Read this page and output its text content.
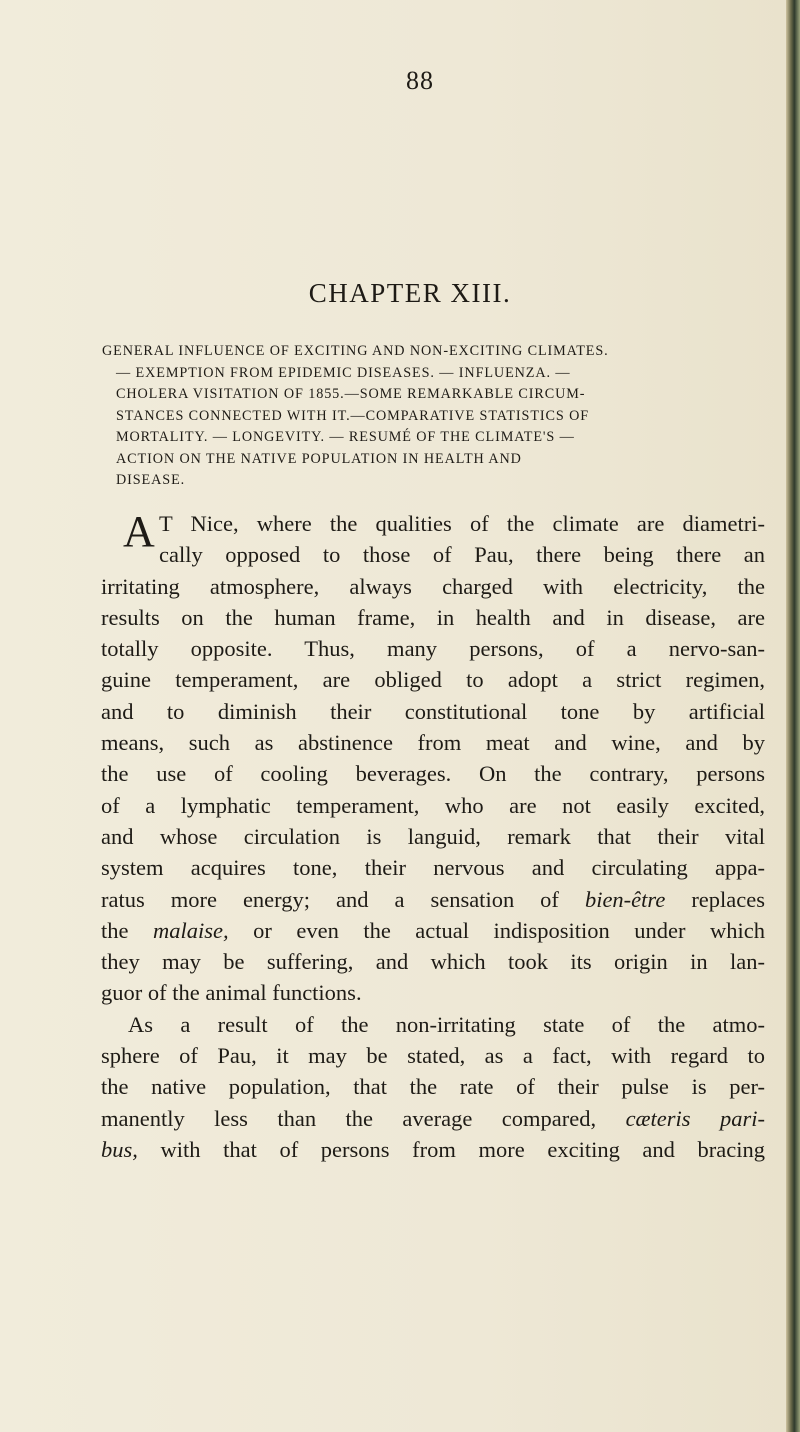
88
CHAPTER XIII.
GENERAL INFLUENCE OF EXCITING AND NON-EXCITING CLIMATES.
— EXEMPTION FROM EPIDEMIC DISEASES. — INFLUENZA. —
CHOLERA VISITATION OF 1855.—SOME REMARKABLE CIRCUM-
STANCES CONNECTED WITH IT.—COMPARATIVE STATISTICS OF
MORTALITY. — LONGEVITY. — RESUMÉ OF THE CLIMATE'S —
ACTION ON THE NATIVE POPULATION IN HEALTH AND
DISEASE.
A T Nice, where the qualities of the climate are diametri-
cally opposed to those of Pau, there being there an
irritating atmosphere, always charged with electricity, the
results on the human frame, in health and in disease, are
totally opposite. Thus, many persons, of a nervo-san-
guine temperament, are obliged to adopt a strict regimen,
and to diminish their constitutional tone by artificial
means, such as abstinence from meat and wine, and by
the use of cooling beverages. On the contrary, persons
of a lymphatic temperament, who are not easily excited,
and whose circulation is languid, remark that their vital
system acquires tone, their nervous and circulating appa-
ratus more energy; and a sensation of bien-être replaces
the malaise, or even the actual indisposition under which
they may be suffering, and which took its origin in lan-
guor of the animal functions.
As a result of the non-irritating state of the atmo-
sphere of Pau, it may be stated, as a fact, with regard to
the native population, that the rate of their pulse is per-
manently less than the average compared, cæteris pari-
bus, with that of persons from more exciting and bracing
